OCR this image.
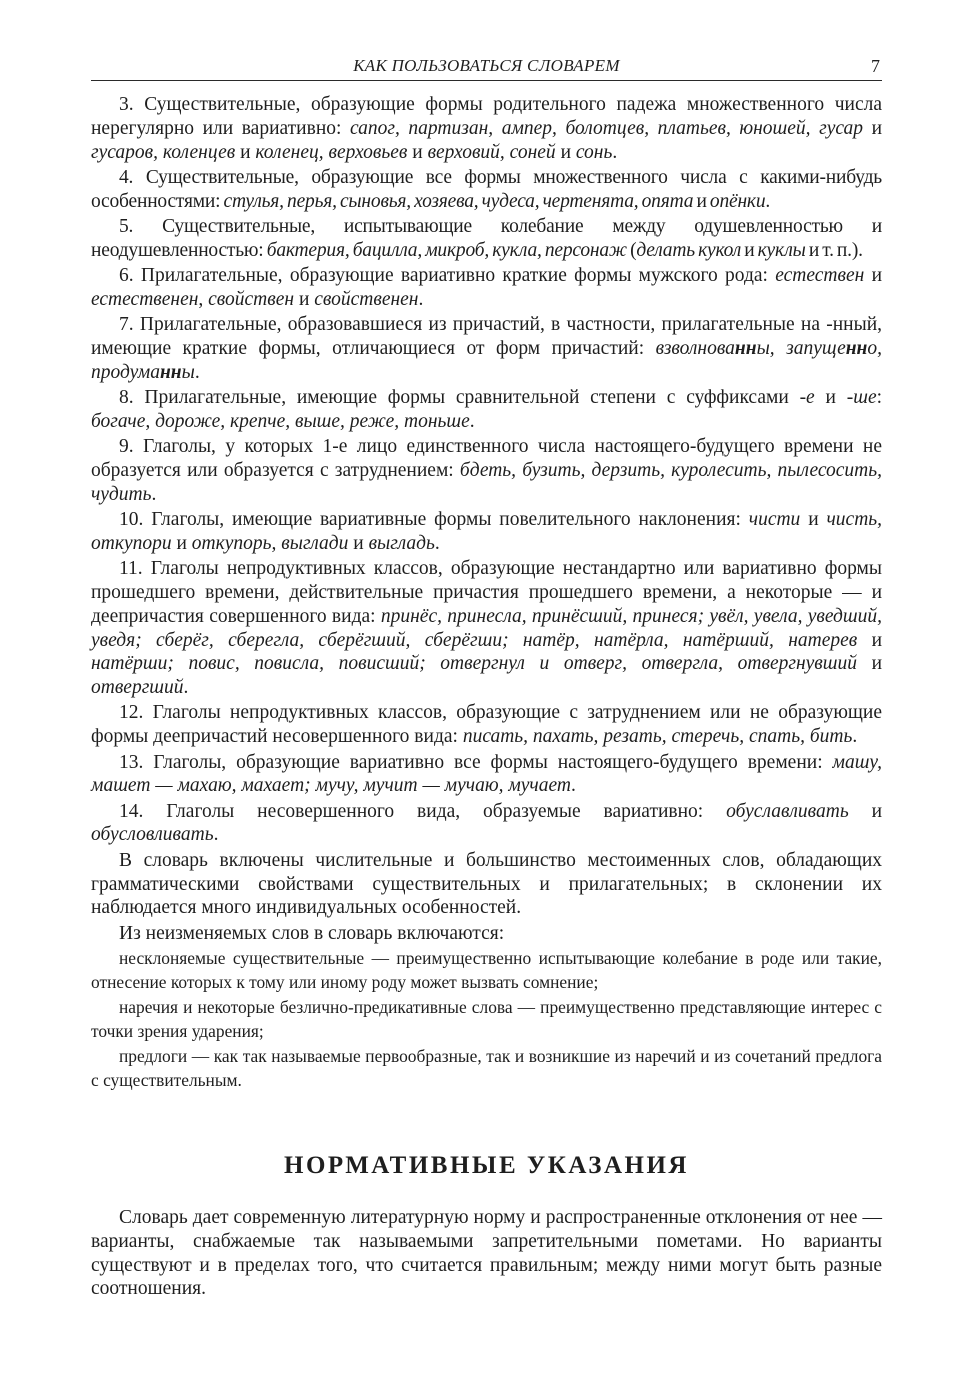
КАК ПОЛЬЗОВАТЬСЯ СЛОВАРЕМ	7

3. Существительные, образующие формы родительного падежа множественного числа нерегулярно или вариативно: сапог, партизан, ампер, болотцев, платьев, юношей, гусар и гусаров, коленцев и коленец, верховьев и верховий, соней и сонь.

4. Существительные, образующие все формы множественного числа с какими-нибудь особенностями: стулья, перья, сыновья, хозяева, чудеса, чертенята, опята и опёнки.

5. Существительные, испытывающие колебание между одушевленностью и неодушевленностью: бактерия, бацилла, микроб, кукла, персонаж (делать кукол и куклы и т. п.).

6. Прилагательные, образующие вариативно краткие формы мужского рода: естествен и естественен, свойствен и свойственен.

7. Прилагательные, образовавшиеся из причастий, в частности, прилагательные на -нный, имеющие краткие формы, отличающиеся от форм причастий: взволнованны, запущенно, продуманны.

8. Прилагательные, имеющие формы сравнительной степени с суффиксами -е и -ше: богаче, дороже, крепче, выше, реже, тоньше.

9. Глаголы, у которых 1-е лицо единственного числа настоящего-будущего времени не образуется или образуется с затруднением: бдеть, бузить, дерзить, куролесить, пылесосить, чудить.

10. Глаголы, имеющие вариативные формы повелительного наклонения: чисти и чисть, откупори и откупорь, выглади и выгладь.

11. Глаголы непродуктивных классов, образующие нестандартно или вариативно формы прошедшего времени, действительные причастия прошедшего времени, а некоторые — и деепричастия совершенного вида: принёс, принесла, принёсший, принеся; увёл, увела, уведший, уведя; сберёг, сберегла, сберёгший, сберёгши; натёр, натёрла, натёрший, натерев и натёрши; повис, повисла, повисший; отвергнул и отверг, отвергла, отвергнувший и отвергший.

12. Глаголы непродуктивных классов, образующие с затруднением или не образующие формы деепричастий несовершенного вида: писать, пахать, резать, стеречь, спать, бить.

13. Глаголы, образующие вариативно все формы настоящего-будущего времени: машу, машет — махаю, махает; мучу, мучит — мучаю, мучает.

14. Глаголы несовершенного вида, образуемые вариативно: обуславливать и обусловливать.

В словарь включены числительные и большинство местоименных слов, обладающих грамматическими свойствами существительных и прилагательных; в склонении их наблюдается много индивидуальных особенностей.

Из неизменяемых слов в словарь включаются:

несклоняемые существительные — преимущественно испытывающие колебание в роде или такие, отнесение которых к тому или иному роду может вызвать сомнение;

наречия и некоторые безлично-предикативные слова — преимущественно представляющие интерес с точки зрения ударения;

предлоги — как так называемые первообразные, так и возникшие из наречий и из сочетаний предлога с существительным.

НОРМАТИВНЫЕ УКАЗАНИЯ

Словарь дает современную литературную норму и распространенные отклонения от нее — варианты, снабжаемые так называемыми запретительными пометами. Но варианты существуют и в пределах того, что считается правильным; между ними могут быть разные соотношения.
